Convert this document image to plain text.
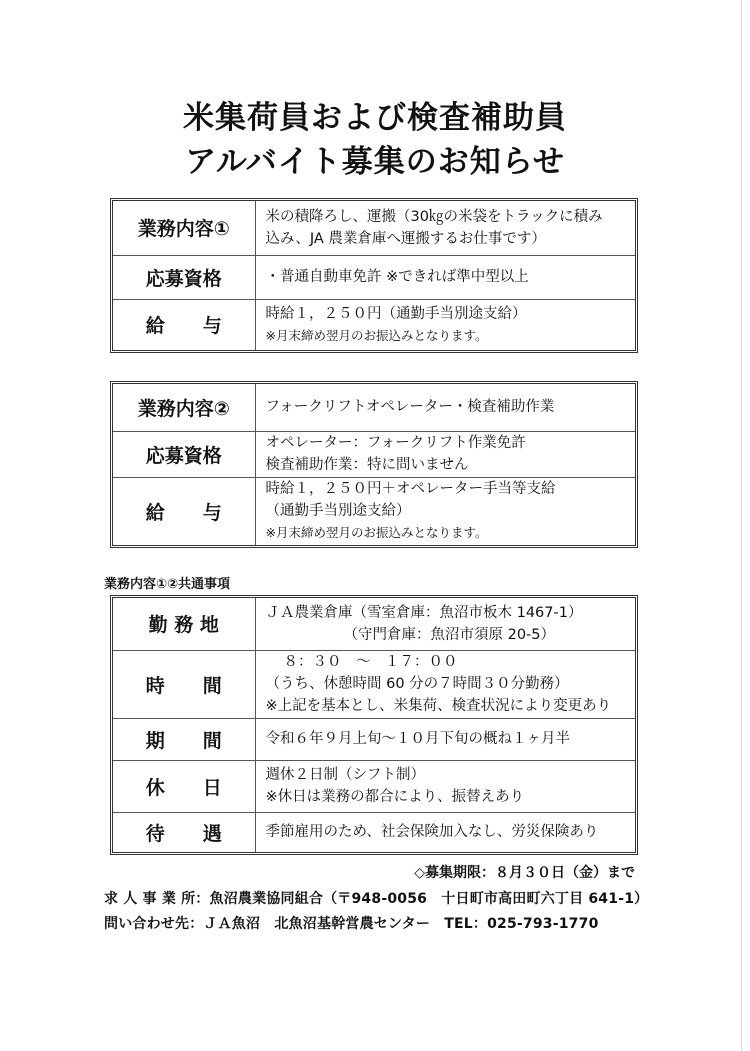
米集荷員および検査補助員
アルバイト募集のお知らせ
業務内容①	米の積降ろし、運搬（30㎏の米袋をトラックに積み
込み、JA 農業倉庫へ運搬するお仕事です）

応募資格	・普通自動車免許 ※できれば準中型以上

給　　与	時給１，２５０円（通勤手当別途支給）
※月末締め翌月のお振込みとなります。
業務内容②	フォークリフトオペレーター・検査補助作業

応募資格	オペレーター：フォークリフト作業免許
検査補助作業：特に問いません

給　　与	時給１，２５０円＋オペレーター手当等支給
（通勤手当別途支給）
※月末締め翌月のお振込みとなります。
業務内容①②共通事項
勤 務 地	ＪＡ農業倉庫（雪室倉庫：魚沼市板木 1467-1）
（守門倉庫：魚沼市須原 20-5）

時　　間	８：３０　～　１７：００
（うち、休憩時間 60 分の７時間３０分勤務）
※上記を基本とし、米集荷、検査状況により変更あり

期　　間	令和６年９月上旬～１０月下旬の概ね１ヶ月半

休　　日	週休２日制（シフト制）
※休日は業務の都合により、振替えあり

待　　遇	季節雇用のため、社会保険加入なし、労災保険あり
◇募集期限：８月３０日（金）まで
求 人 事 業 所：魚沼農業協同組合（〒948-0056　十日町市高田町六丁目 641-1）
問い合わせ先：ＪＡ魚沼　北魚沼基幹営農センター　TEL：025-793-1770
